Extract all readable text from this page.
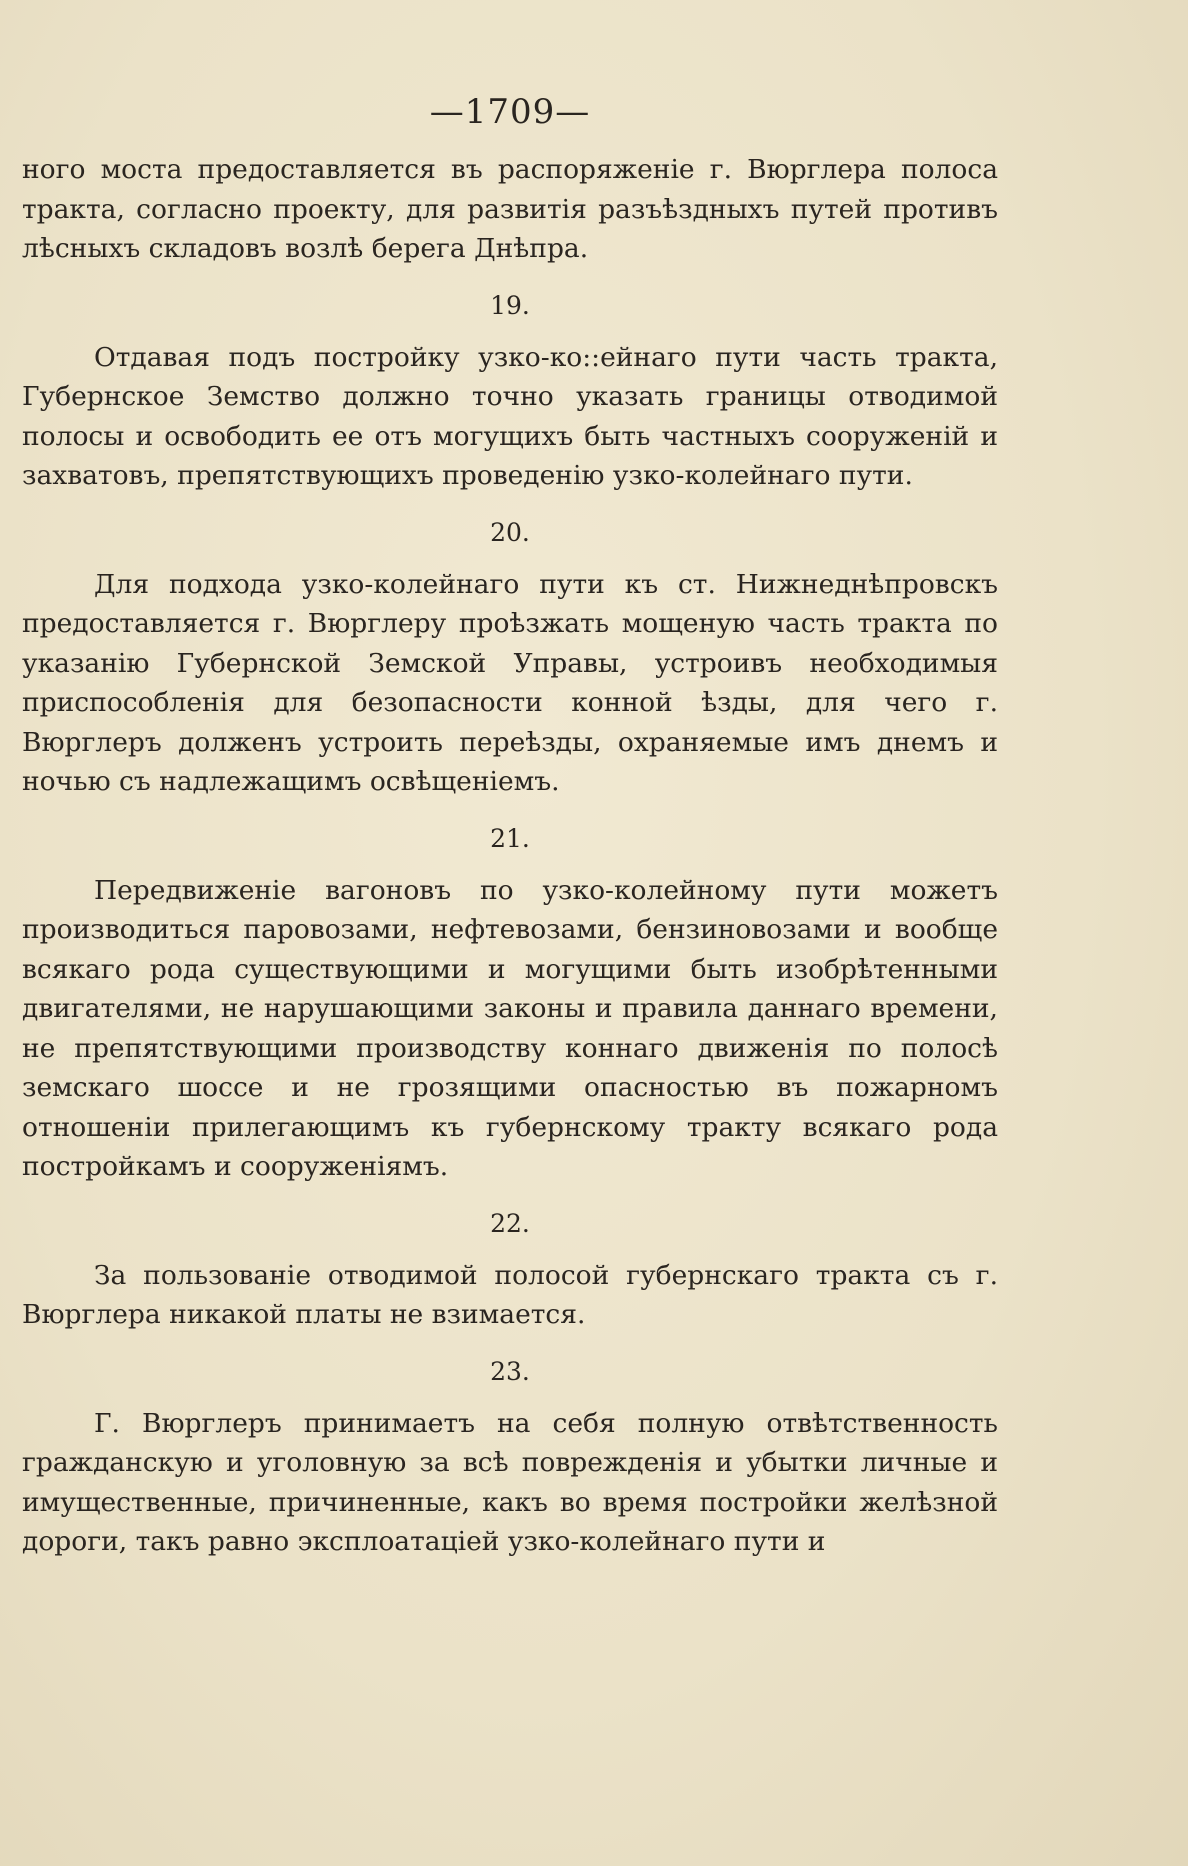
—1709—

ного моста предоставляется въ распоряженіе г. Вюрглера полоса тракта, согласно проекту, для развитія разъѣздныхъ путей противъ лѣсныхъ складовъ возлѣ берега Днѣпра.

19.

Отдавая подъ постройку узко-ко::ейнаго пути часть тракта, Губернское Земство должно точно указать границы отводимой полосы и освободить ее отъ могущихъ быть частныхъ сооруженій и захватовъ, препятствующихъ проведенію узко-колейнаго пути.

20.

Для подхода узко-колейнаго пути къ ст. Нижнеднѣпровскъ предоставляется г. Вюрглеру проѣзжать мощеную часть тракта по указанію Губернской Земской Управы, устроивъ необходимыя приспособленія для безопасности конной ѣзды, для чего г. Вюрглеръ долженъ устроить переѣзды, охраняемые имъ днемъ и ночью съ надлежащимъ освѣщеніемъ.

21.

Передвиженіе вагоновъ по узко-колейному пути можетъ производиться паровозами, нефтевозами, бензиновозами и вообще всякаго рода существующими и могущими быть изобрѣтенными двигателями, не нарушающими законы и правила даннаго времени, не препятствующими производству коннаго движенія по полосѣ земскаго шоссе и не грозящими опасностью въ пожарномъ отношеніи прилегающимъ къ губернскому тракту всякаго рода постройкамъ и сооруженіямъ.

22.

За пользованіе отводимой полосой губернскаго тракта съ г. Вюрглера никакой платы не взимается.

23.

Г. Вюрглеръ принимаетъ на себя полную отвѣтственность гражданскую и уголовную за всѣ поврежденія и убытки личные и имущественные, причиненные, какъ во время постройки желѣзной дороги, такъ равно эксплоатаціей узко-колейнаго пути и
